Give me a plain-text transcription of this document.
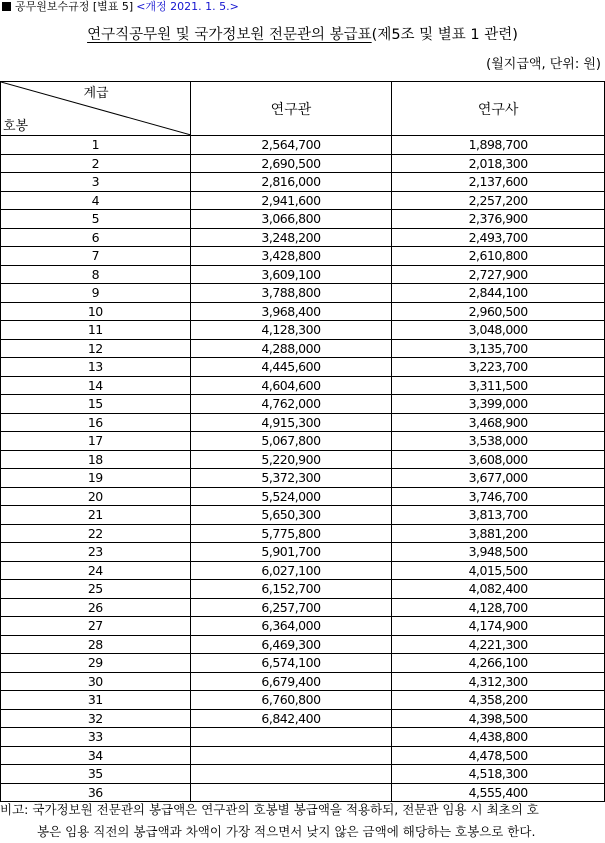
공무원보수규정 [별표 5] <개정 2021. 1. 5.>
연구직공무원 및 국가정보원 전문관의 봉급표(제5조 및 별표 1 관련)
(월지급액, 단위: 원)
계급
호봉	연구관	연구사
1	2,564,700	1,898,700
2	2,690,500	2,018,300
3	2,816,000	2,137,600
4	2,941,600	2,257,200
5	3,066,800	2,376,900
6	3,248,200	2,493,700
7	3,428,800	2,610,800
8	3,609,100	2,727,900
9	3,788,800	2,844,100
10	3,968,400	2,960,500
11	4,128,300	3,048,000
12	4,288,000	3,135,700
13	4,445,600	3,223,700
14	4,604,600	3,311,500
15	4,762,000	3,399,000
16	4,915,300	3,468,900
17	5,067,800	3,538,000
18	5,220,900	3,608,000
19	5,372,300	3,677,000
20	5,524,000	3,746,700
21	5,650,300	3,813,700
22	5,775,800	3,881,200
23	5,901,700	3,948,500
24	6,027,100	4,015,500
25	6,152,700	4,082,400
26	6,257,700	4,128,700
27	6,364,000	4,174,900
28	6,469,300	4,221,300
29	6,574,100	4,266,100
30	6,679,400	4,312,300
31	6,760,800	4,358,200
32	6,842,400	4,398,500
33		4,438,800
34		4,478,500
35		4,518,300
36		4,555,400
비고: 국가정보원 전문관의 봉급액은 연구관의 호봉별 봉급액을 적용하되, 전문관 임용 시 최초의 호
봉은 임용 직전의 봉급액과 차액이 가장 적으면서 낮지 않은 금액에 해당하는 호봉으로 한다.
